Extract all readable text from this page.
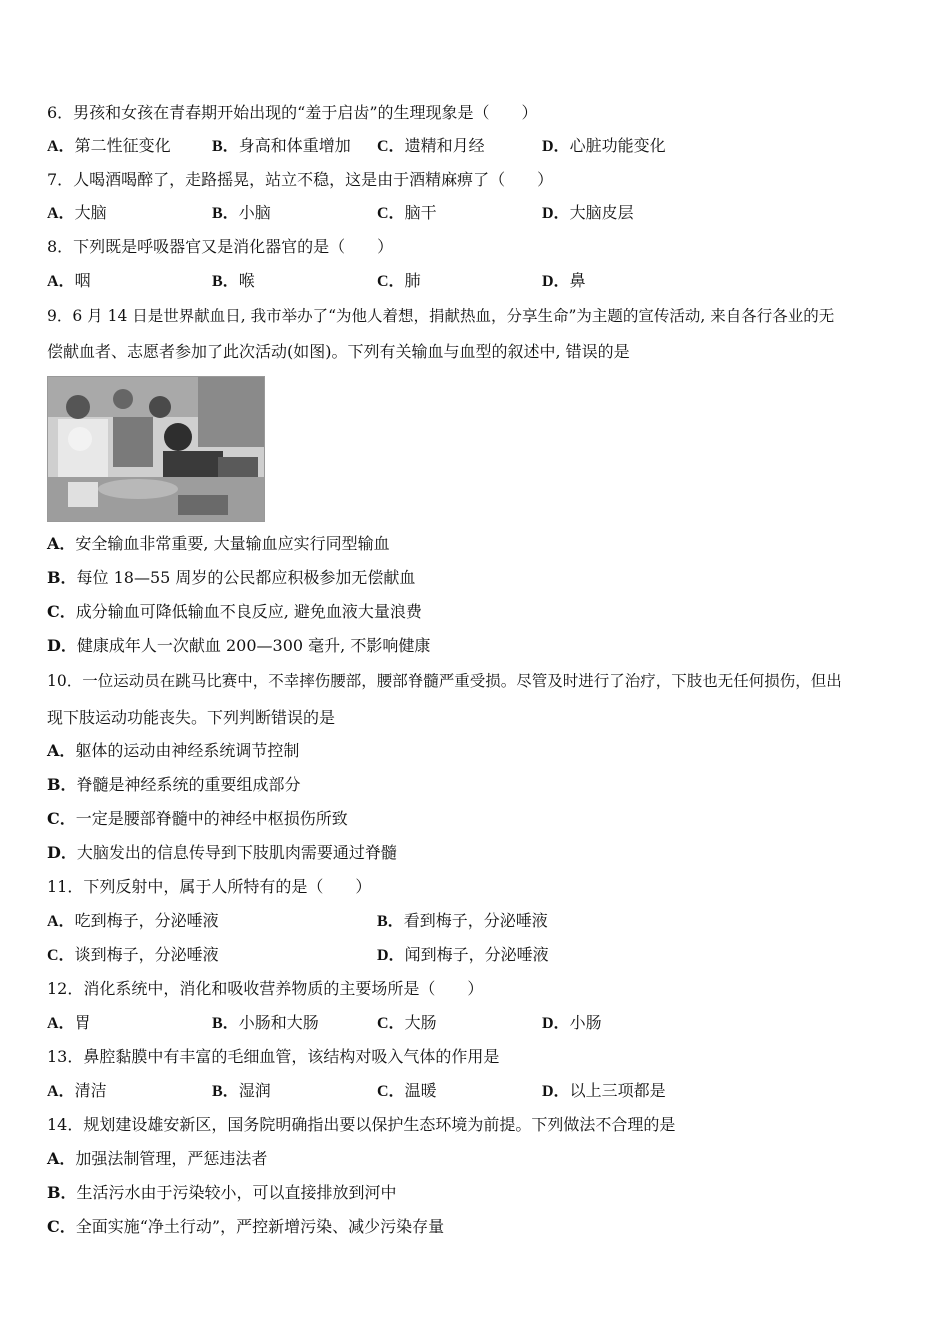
6．男孩和女孩在青春期开始出现的“羞于启齿”的生理现象是（　　）
A．第二性征变化	B．身高和体重增加 C．遗精和月经	D．心脏功能变化
7．人喝酒喝醉了，走路摇晃，站立不稳，这是由于酒精麻痹了（　　）
A．大脑	B．小脑	C．脑干	D．大脑皮层
8．下列既是呼吸器官又是消化器官的是（　　）
A．咽	B．喉	C．肺	D．鼻
9．6 月 14 日是世界献血日, 我市举办了“为他人着想，捐献热血，分享生命”为主题的宣传活动, 来自各行各业的无
偿献血者、志愿者参加了此次活动(如图)。下列有关输血与血型的叙述中, 错误的是
A．安全输血非常重要, 大量输血应实行同型输血
B．每位 18—55 周岁的公民都应积极参加无偿献血
C．成分输血可降低输血不良反应, 避免血液大量浪费
D．健康成年人一次献血 200—300 毫升, 不影响健康
10．一位运动员在跳马比赛中，不幸摔伤腰部，腰部脊髓严重受损。尽管及时进行了治疗，下肢也无任何损伤，但出
现下肢运动功能丧失。下列判断错误的是
A．躯体的运动由神经系统调节控制
B．脊髓是神经系统的重要组成部分
C．一定是腰部脊髓中的神经中枢损伤所致
D．大脑发出的信息传导到下肢肌肉需要通过脊髓
11．下列反射中，属于人所特有的是（　　）
A．吃到梅子，分泌唾液	B．看到梅子，分泌唾液
C．谈到梅子，分泌唾液	D．闻到梅子，分泌唾液
12．消化系统中，消化和吸收营养物质的主要场所是（　　）
A．胃	B．小肠和大肠	C．大肠	D．小肠
13．鼻腔黏膜中有丰富的毛细血管，该结构对吸入气体的作用是
A．清洁	B．湿润	C．温暖	D．以上三项都是
14．规划建设雄安新区，国务院明确指出要以保护生态环境为前提。下列做法不合理的是
A．加强法制管理，严惩违法者
B．生活污水由于污染较小，可以直接排放到河中
C．全面实施“净土行动”，严控新增污染、减少污染存量
